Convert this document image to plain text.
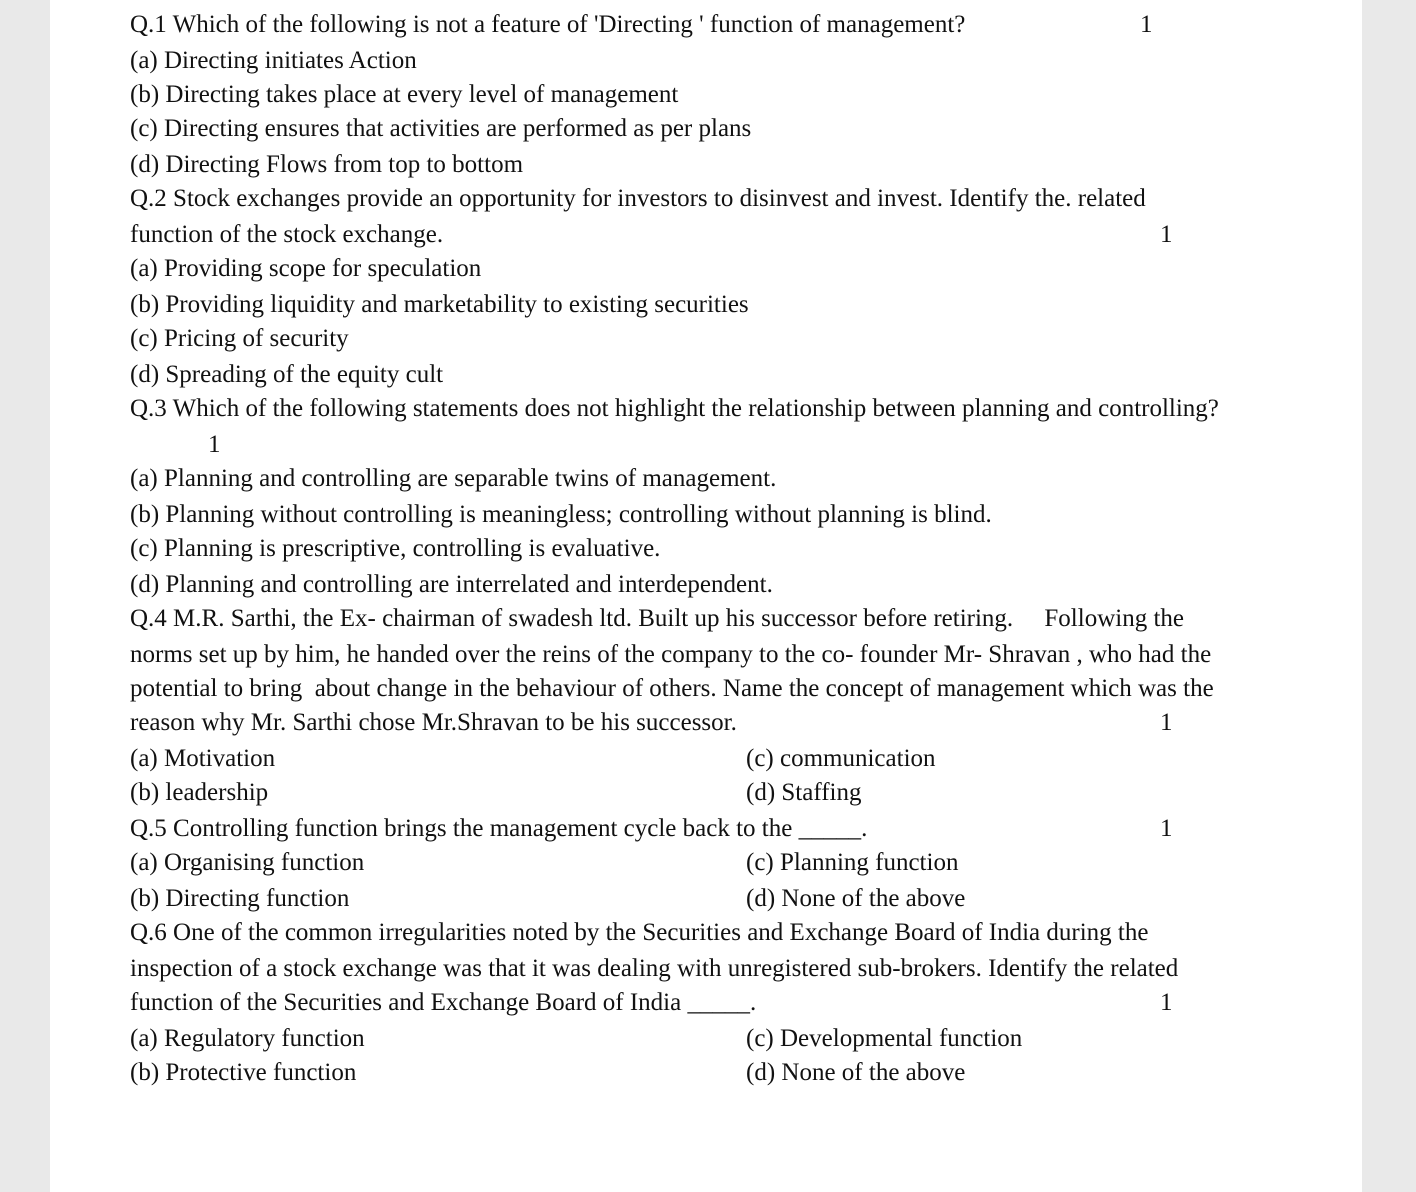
Q.1 Which of the following is not a feature of 'Directing ' function of management?	1
(a) Directing initiates Action
(b) Directing takes place at every level of management
(c) Directing ensures that activities are performed as per plans
(d) Directing Flows from top to bottom
Q.2 Stock exchanges provide an opportunity for investors to disinvest and invest. Identify the. related
function of the stock exchange.	1
(a) Providing scope for speculation
(b) Providing liquidity and marketability to existing securities
(c) Pricing of security
(d) Spreading of the equity cult
Q.3 Which of the following statements does not highlight the relationship between planning and controlling?
1
(a) Planning and controlling are separable twins of management.
(b) Planning without controlling is meaningless; controlling without planning is blind.
(c) Planning is prescriptive, controlling is evaluative.
(d) Planning and controlling are interrelated and interdependent.
Q.4 M.R. Sarthi, the Ex- chairman of swadesh ltd. Built up his successor before retiring.     Following the
norms set up by him, he handed over the reins of the company to the co- founder Mr- Shravan , who had the
potential to bring  about change in the behaviour of others. Name the concept of management which was the
reason why Mr. Sarthi chose Mr.Shravan to be his successor.	1
(a) Motivation	(c) communication
(b) leadership	(d) Staffing
Q.5 Controlling function brings the management cycle back to the _____.	1
(a) Organising function	(c) Planning function
(b) Directing function	(d) None of the above
Q.6 One of the common irregularities noted by the Securities and Exchange Board of India during the
inspection of a stock exchange was that it was dealing with unregistered sub-brokers. Identify the related
function of the Securities and Exchange Board of India _____.	1
(a) Regulatory function	(c) Developmental function
(b) Protective function	(d) None of the above
